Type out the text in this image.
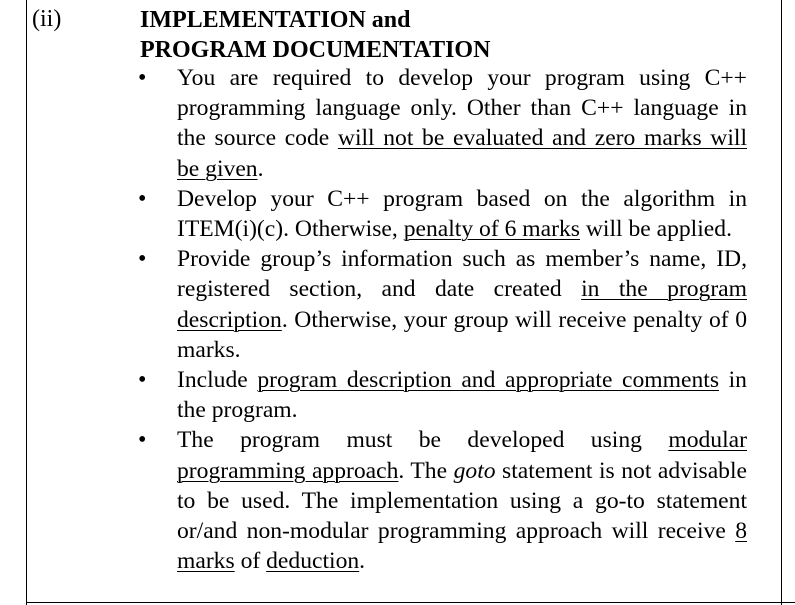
(ii)	IMPLEMENTATION and
PROGRAM DOCUMENTATION
• You are required to develop your program using C++ programming language only. Other than C++ language in the source code will not be evaluated and zero marks will be given.
• Develop your C++ program based on the algorithm in ITEM(i)(c). Otherwise, penalty of 6 marks will be applied.
• Provide group’s information such as member’s name, ID, registered section, and date created in the program description. Otherwise, your group will receive penalty of 0 marks.
• Include program description and appropriate comments in the program.
• The program must be developed using modular programming approach. The goto statement is not advisable to be used. The implementation using a go-to statement or/and non-modular programming approach will receive 8 marks of deduction.
